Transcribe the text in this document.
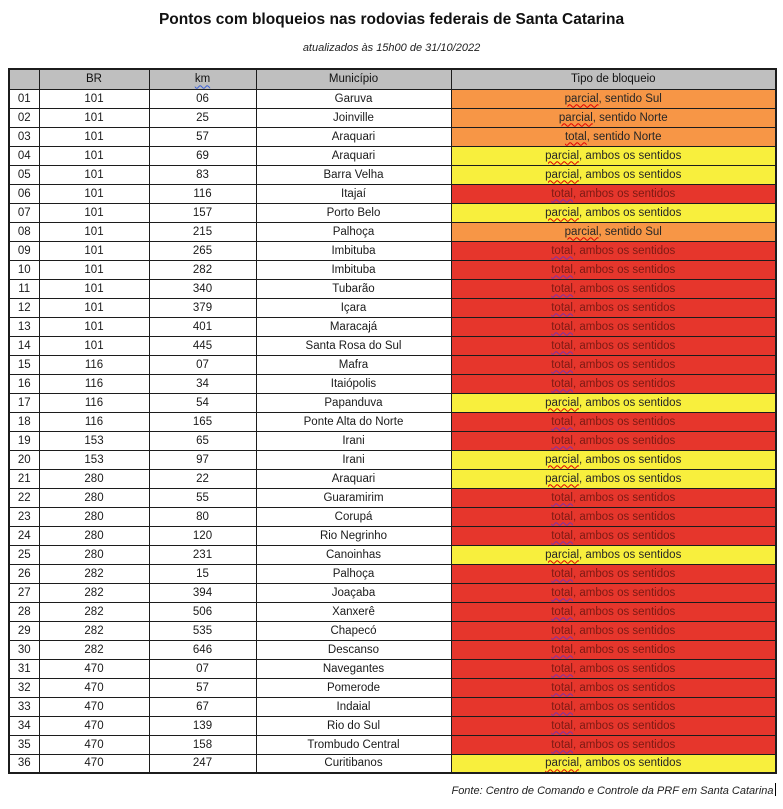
Pontos com bloqueios nas rodovias federais de Santa Catarina

atualizados às 15h00 de 31/10/2022

	BR	km	Município	Tipo de bloqueio
01	101	06	Garuva	parcial, sentido Sul
02	101	25	Joinville	parcial, sentido Norte
03	101	57	Araquari	total, sentido Norte
04	101	69	Araquari	parcial, ambos os sentidos
05	101	83	Barra Velha	parcial, ambos os sentidos
06	101	116	Itajaí	total, ambos os sentidos
07	101	157	Porto Belo	parcial, ambos os sentidos
08	101	215	Palhoça	parcial, sentido Sul
09	101	265	Imbituba	total, ambos os sentidos
10	101	282	Imbituba	total, ambos os sentidos
11	101	340	Tubarão	total, ambos os sentidos
12	101	379	Içara	total, ambos os sentidos
13	101	401	Maracajá	total, ambos os sentidos
14	101	445	Santa Rosa do Sul	total, ambos os sentidos
15	116	07	Mafra	total, ambos os sentidos
16	116	34	Itaiópolis	total, ambos os sentidos
17	116	54	Papanduva	parcial, ambos os sentidos
18	116	165	Ponte Alta do Norte	total, ambos os sentidos
19	153	65	Irani	total, ambos os sentidos
20	153	97	Irani	parcial, ambos os sentidos
21	280	22	Araquari	parcial, ambos os sentidos
22	280	55	Guaramirim	total, ambos os sentidos
23	280	80	Corupá	total, ambos os sentidos
24	280	120	Rio Negrinho	total, ambos os sentidos
25	280	231	Canoinhas	parcial, ambos os sentidos
26	282	15	Palhoça	total, ambos os sentidos
27	282	394	Joaçaba	total, ambos os sentidos
28	282	506	Xanxerê	total, ambos os sentidos
29	282	535	Chapecó	total, ambos os sentidos
30	282	646	Descanso	total, ambos os sentidos
31	470	07	Navegantes	total, ambos os sentidos
32	470	57	Pomerode	total, ambos os sentidos
33	470	67	Indaial	total, ambos os sentidos
34	470	139	Rio do Sul	total, ambos os sentidos
35	470	158	Trombudo Central	total, ambos os sentidos
36	470	247	Curitibanos	parcial, ambos os sentidos

Fonte: Centro de Comando e Controle da PRF em Santa Catarina
